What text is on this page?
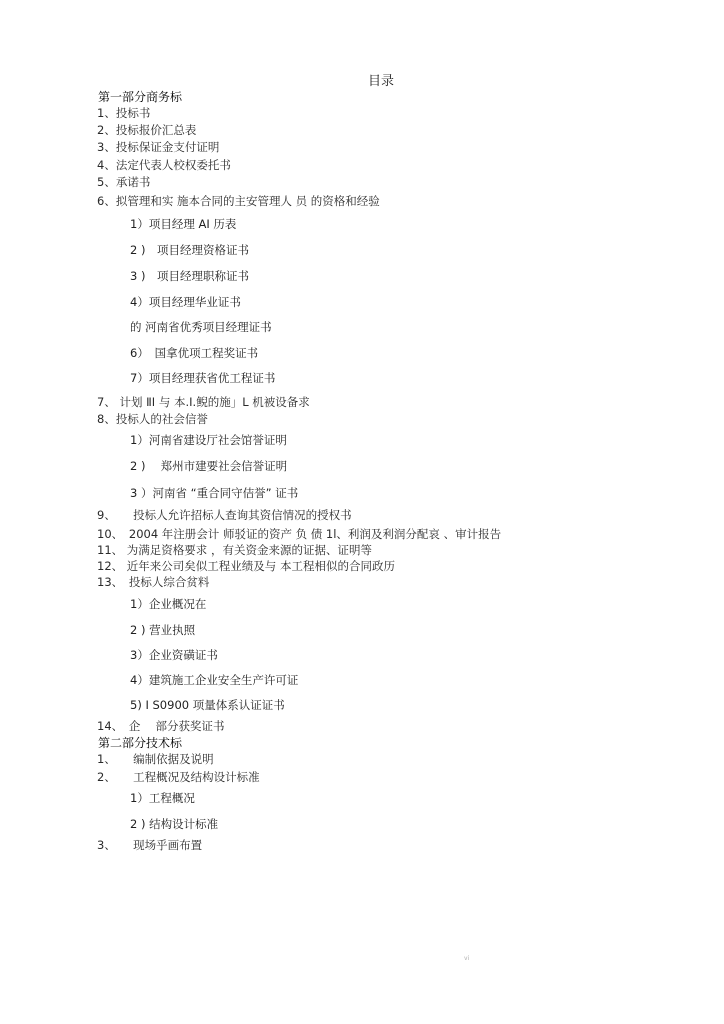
目录
第一部分商务标
1、投标书
2、投标报价汇总表
3、投标保证金支付证明
4、法定代表人校权委托书
5、承诺书
6、拟管理和实 施本合同的主安管理人 员 的资格和经验
1）项目经理 AI 历表
2 )　项目经理资格证书
3 )　项目经理职称证书
4）项目经理华业证书
的 河南省优秀项目经理证书
6）　国拿优项工程奖证书
7）项目经理获省优工程证书
7、 计划 ⅡI 与 本.I.鲵的施」L 机被设备求
8、投标人的社会信誉
1）河南省建设厅社会馆誉证明
2 )　 郑州市建要社会信誉证明
3 ）河南省 “重合同守佶誉” 证书
9、　　投标人允许招标人查询其资信情况的授权书
10、　2004 年注册会计 师驳证的资产 负 债 1l、利润及利润分配哀 、审计报告
11、 为满足资格要求 ，有关资金来源的证据、证明等
12、 近年来公司矣似工程业绩及与 本工程相似的合同政历
13、　投标人综合贫料
1）企业概况在
2 ) 营业执照
3）企业资磺证书
4）建筑施工企业安全生产许可证
5) I S0900 项量体系认证证书
14、　企　 部分获奖证书
第二部分技术标
1、　　编制依据及说明
2、　　工程概况及结构设计标准
1）工程概况
2 ) 结构设计标准
3、　　现场乎画布置
vi
